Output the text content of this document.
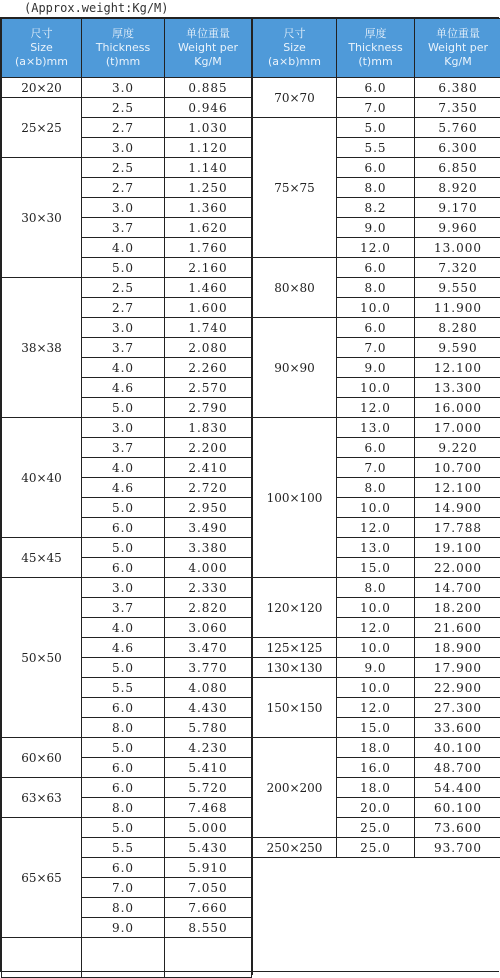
(Approx.weight:Kg/M)
尺寸
Size
(a×b)mm	厚度
Thickness
(t)mm	单位重量
Weight per
Kg/M

20×20	3.0	0.885
25×25	2.5	0.946
	2.7	1.030
	3.0	1.120
30×30	2.5	1.140
	2.7	1.250
	3.0	1.360
	3.7	1.620
	4.0	1.760
	5.0	2.160
38×38	2.5	1.460
	2.7	1.600
	3.0	1.740
	3.7	2.080
	4.0	2.260
	4.6	2.570
	5.0	2.790
40×40	3.0	1.830
	3.7	2.200
	4.0	2.410
	4.6	2.720
	5.0	2.950
	6.0	3.490
45×45	5.0	3.380
	6.0	4.000
50×50	3.0	2.330
	3.7	2.820
	4.0	3.060
	4.6	3.470
	5.0	3.770
	5.5	4.080
	6.0	4.430
	8.0	5.780
60×60	5.0	4.230
	6.0	5.410
63×63	6.0	5.720
	8.0	7.468
65×65	5.0	5.000
	5.5	5.430
	6.0	5.910
	7.0	7.050
	8.0	7.660
	9.0	8.550

尺寸
Size
(a×b)mm	厚度
Thickness
(t)mm	单位重量
Weight per
Kg/M

70×70	6.0	6.380
	7.0	7.350
75×75	5.0	5.760
	5.5	6.300
	6.0	6.850
	8.0	8.920
	8.2	9.170
	9.0	9.960
	12.0	13.000
80×80	6.0	7.320
	8.0	9.550
	10.0	11.900
90×90	6.0	8.280
	7.0	9.590
	9.0	12.100
	10.0	13.300
	12.0	16.000
100×100	13.0	17.000
	6.0	9.220
	7.0	10.700
	8.0	12.100
	10.0	14.900
	12.0	17.788
	13.0	19.100
	15.0	22.000
120×120	8.0	14.700
	10.0	18.200
	12.0	21.600
125×125	10.0	18.900
130×130	9.0	17.900
150×150	10.0	22.900
	12.0	27.300
	15.0	33.600
200×200	18.0	40.100
	16.0	48.700
	18.0	54.400
	20.0	60.100
	25.0	73.600
250×250	25.0	93.700
